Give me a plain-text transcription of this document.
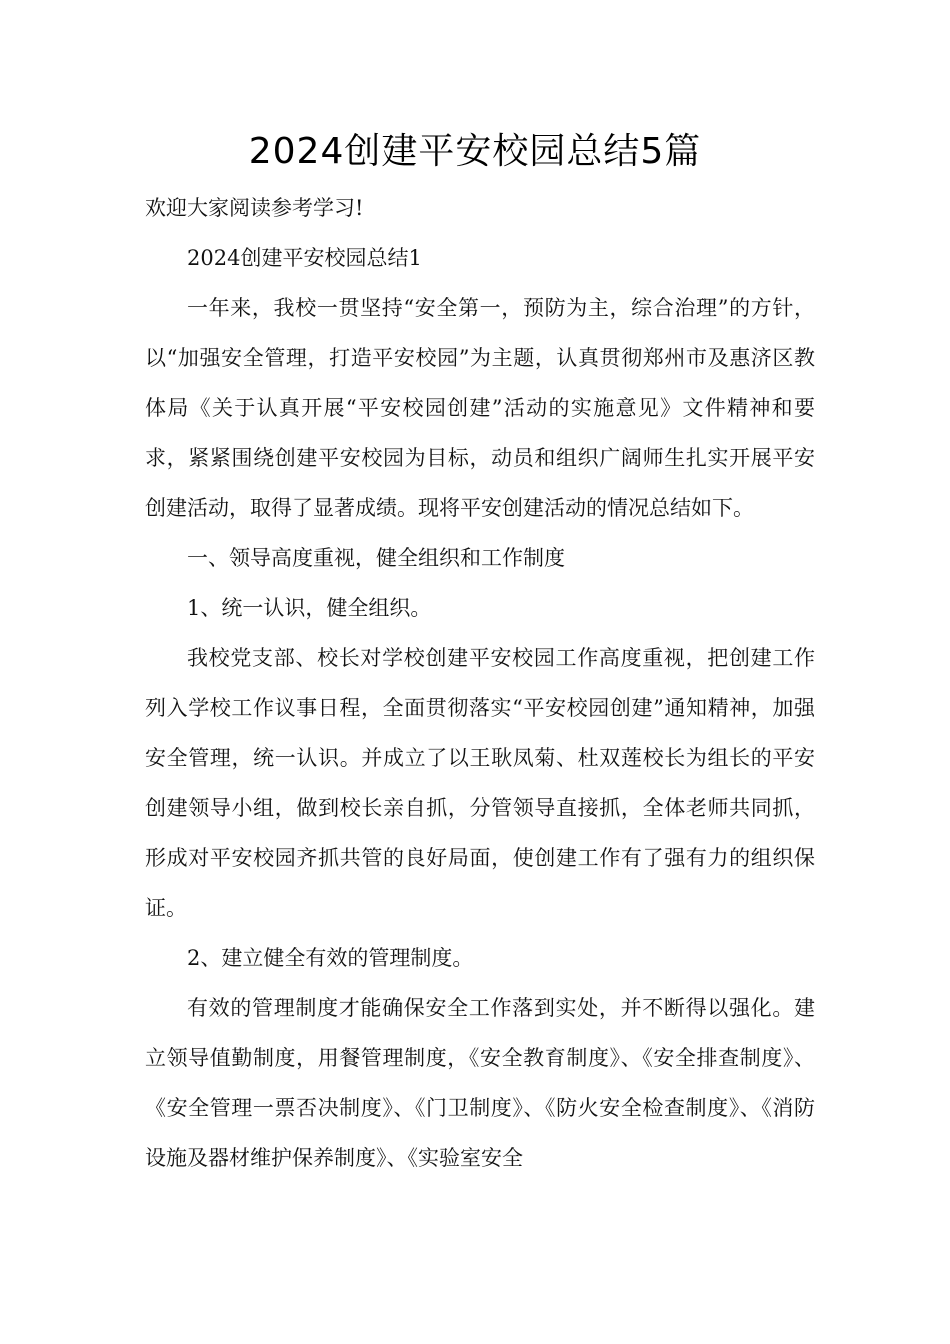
2024创建平安校园总结5篇

欢迎大家阅读参考学习!

2024创建平安校园总结1

一年来，我校一贯坚持“安全第一，预防为主，综合治理”的方针，以“加强安全管理，打造平安校园”为主题，认真贯彻郑州市及惠济区教体局《关于认真开展“平安校园创建”活动的实施意见》文件精神和要求，紧紧围绕创建平安校园为目标，动员和组织广阔师生扎实开展平安创建活动，取得了显著成绩。现将平安创建活动的情况总结如下。

一、领导高度重视，健全组织和工作制度

1、统一认识，健全组织。

我校党支部、校长对学校创建平安校园工作高度重视，把创建工作列入学校工作议事日程，全面贯彻落实“平安校园创建”通知精神，加强安全管理，统一认识。并成立了以王耿凤菊、杜双莲校长为组长的平安创建领导小组，做到校长亲自抓，分管领导直接抓，全体老师共同抓，形成对平安校园齐抓共管的良好局面，使创建工作有了强有力的组织保证。

2、建立健全有效的管理制度。

有效的管理制度才能确保安全工作落到实处，并不断得以强化。建立领导值勤制度，用餐管理制度，《安全教育制度》、《安全排查制度》、《安全管理一票否决制度》、《门卫制度》、《防火安全检查制度》、《消防设施及器材维护保养制度》、《实验室安全
